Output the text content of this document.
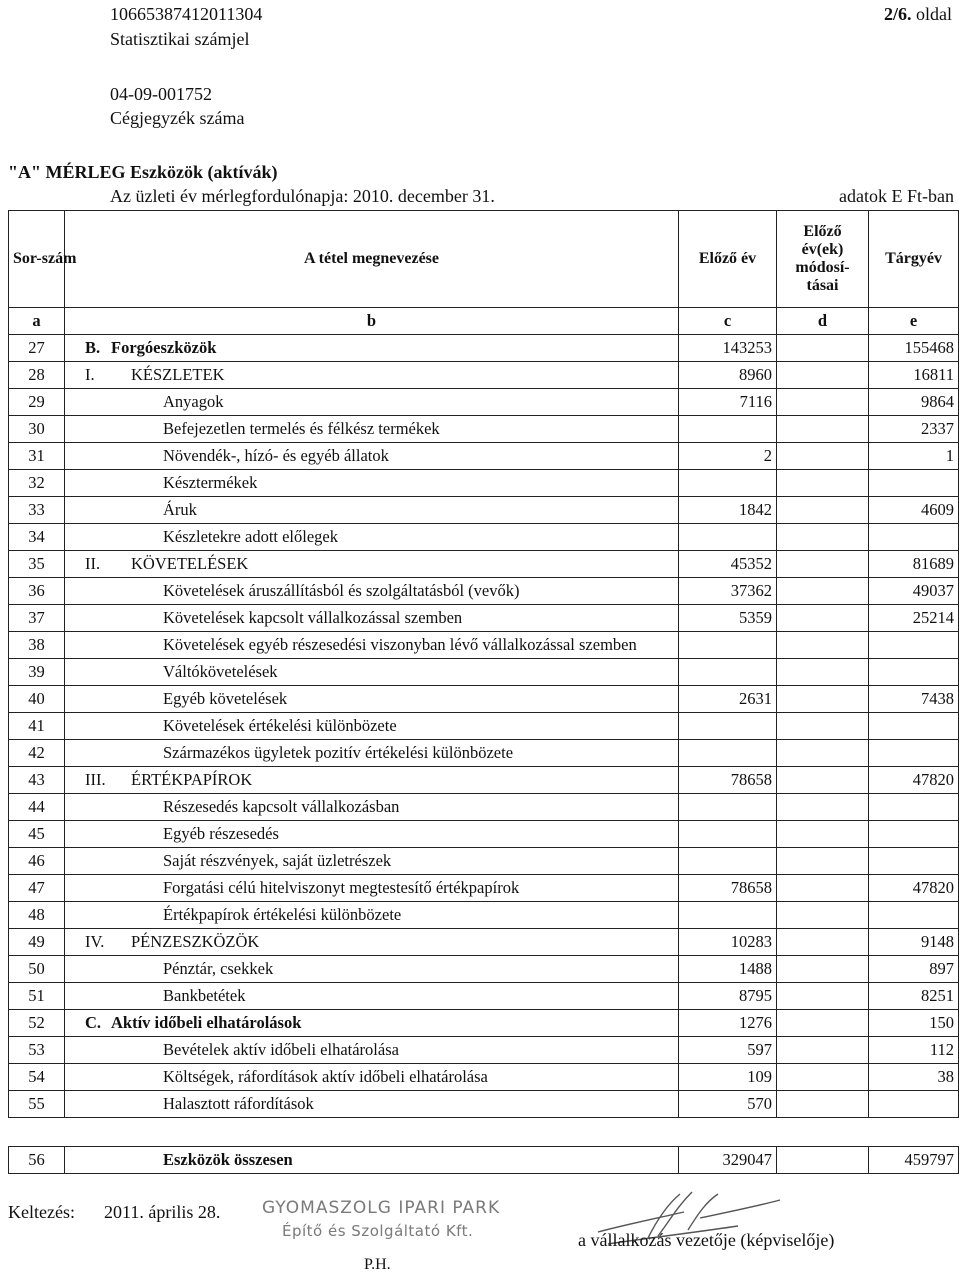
10665387412011304
Statisztikai számjel
2/6. oldal
04-09-001752
Cégjegyzék száma
"A" MÉRLEG Eszközök (aktívák)
Az üzleti év mérlegfordulónapja: 2010. december 31.	adatok E Ft-ban
Sor-szám	A tétel megnevezése	Előző év	Előző év(ek) módosí-tásai	Tárgyév
a	b	c	d	e
27	B. Forgóeszközök	143253		155468
28	I. KÉSZLETEK	8960		16811
29	Anyagok	7116		9864
30	Befejezetlen termelés és félkész termékek			2337
31	Növendék-, hízó- és egyéb állatok	2		1
32	Késztermékek			
33	Áruk	1842		4609
34	Készletekre adott előlegek			
35	II. KÖVETELÉSEK	45352		81689
36	Követelések áruszállításból és szolgáltatásból (vevők)	37362		49037
37	Követelések kapcsolt vállalkozással szemben	5359		25214
38	Követelések egyéb részesedési viszonyban lévő vállalkozással szemben			
39	Váltókövetelések			
40	Egyéb követelések	2631		7438
41	Követelések értékelési különbözete			
42	Származékos ügyletek pozitív értékelési különbözete			
43	III. ÉRTÉKPAPÍROK	78658		47820
44	Részesedés kapcsolt vállalkozásban			
45	Egyéb részesedés			
46	Saját részvények, saját üzletrészek			
47	Forgatási célú hitelviszonyt megtestesítő értékpapírok	78658		47820
48	Értékpapírok értékelési különbözete			
49	IV. PÉNZESZKÖZÖK	10283		9148
50	Pénztár, csekkek	1488		897
51	Bankbetétek	8795		8251
52	C. Aktív időbeli elhatárolások	1276		150
53	Bevételek aktív időbeli elhatárolása	597		112
54	Költségek, ráfordítások aktív időbeli elhatárolása	109		38
55	Halasztott ráfordítások	570		
56	Eszközök összesen	329047		459797
Keltezés: 2011. április 28. GYOMASZOLG IPARI PARK
Építő és Szolgáltató Kft.	a vállalkozás vezetője (képviselője)
P.H.
